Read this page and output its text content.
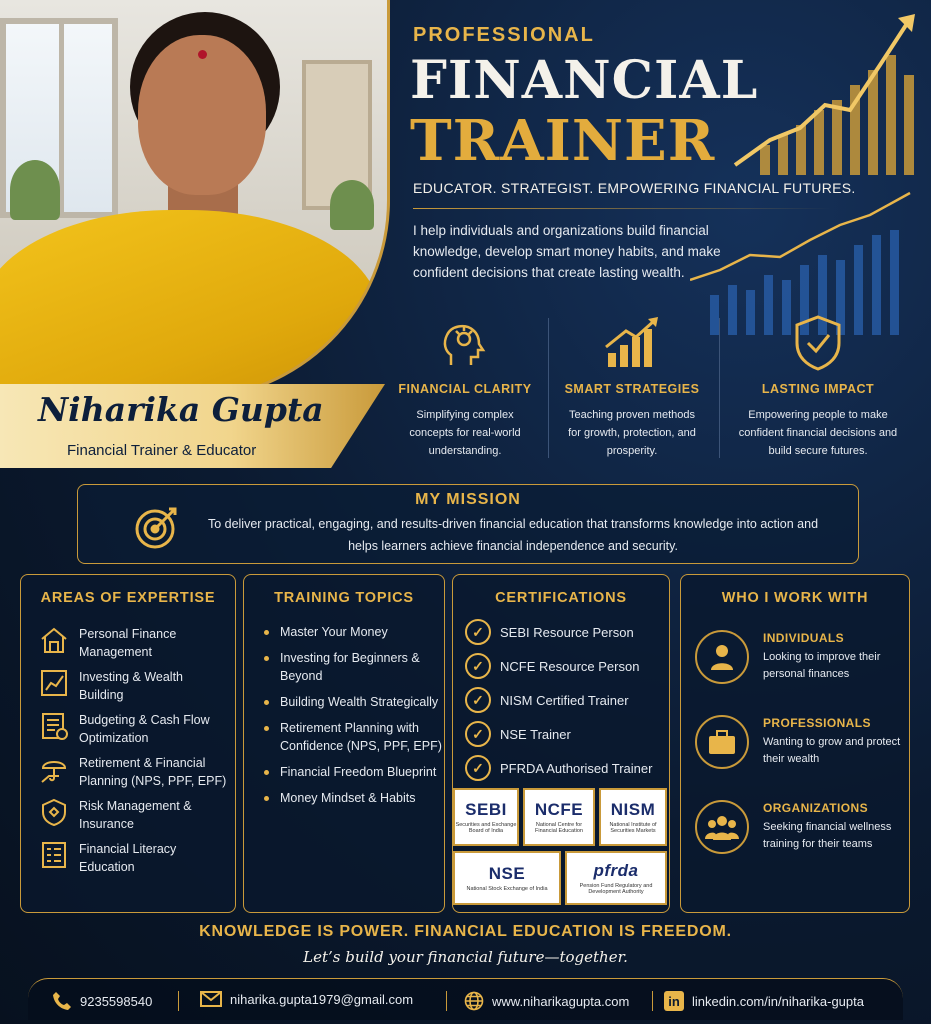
Niharika Gupta
Financial Trainer & Educator
PROFESSIONAL
FINANCIAL
TRAINER
EDUCATOR. STRATEGIST. EMPOWERING FINANCIAL FUTURES.
I help individuals and organizations build financial knowledge, develop smart money habits, and make confident decisions that create lasting wealth.
FINANCIAL CLARITY

Simplifying complex concepts for real-world understanding.

SMART STRATEGIES

Teaching proven methods for growth, protection, and prosperity.

LASTING IMPACT

Empowering people to make confident financial decisions and build secure futures.

MY MISSION

To deliver practical, engaging, and results-driven financial education that transforms knowledge into action and helps learners achieve financial independence and security.

AREAS OF EXPERTISE
Personal Finance Management
Investing & Wealth Building
Budgeting & Cash Flow Optimization
Retirement & Financial Planning (NPS, PPF, EPF)
Risk Management & Insurance
Financial Literacy Education
TRAINING TOPICS
Master Your Money
Investing for Beginners & Beyond
Building Wealth Strategically
Retirement Planning with Confidence (NPS, PPF, EPF)
Financial Freedom Blueprint
Money Mindset & Habits
CERTIFICATIONS
✓	SEBI Resource Person
✓	NCFE Resource Person
✓	NISM Certified Trainer
✓	NSE Trainer
✓	PFRDA Authorised Trainer
SEBI
Securities and Exchange Board of India
NCFE
National Centre for Financial Education
NISM
National Institute of Securities Markets
NSE
National Stock Exchange of India
pfrda
Pension Fund Regulatory and Development Authority
WHO I WORK WITH
INDIVIDUALS

Looking to improve their personal finances

PROFESSIONALS

Wanting to grow and protect their wealth

ORGANIZATIONS

Seeking financial wellness training for their teams

KNOWLEDGE IS POWER. FINANCIAL EDUCATION IS FREEDOM.
Let’s build your financial future—together.
9235598540	niharika.gupta1979@gmail.com	www.niharikagupta.com	in linkedin.com/in/niharika-gupta
